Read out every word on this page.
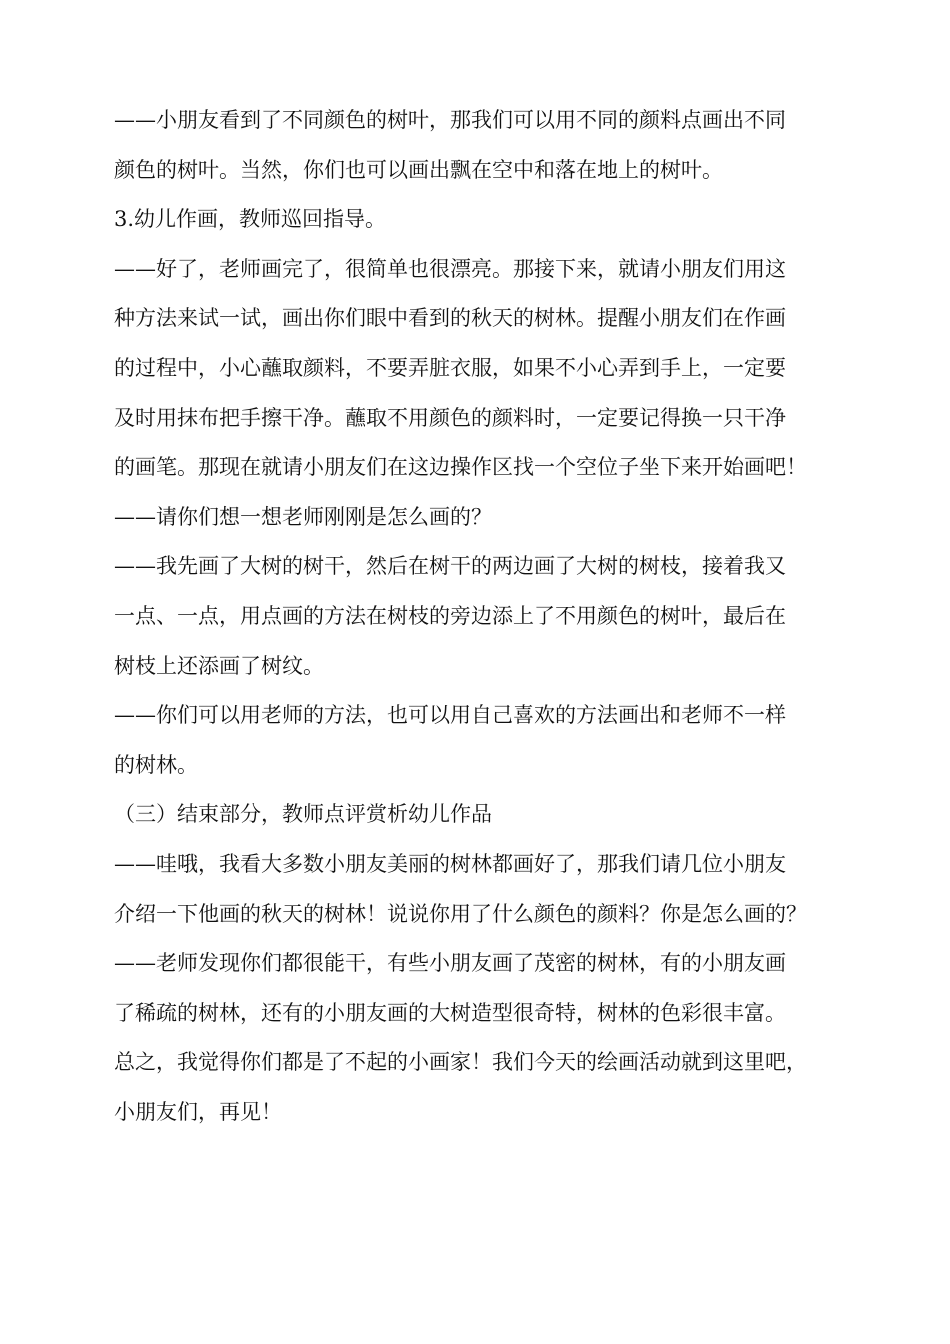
——小朋友看到了不同颜色的树叶，那我们可以用不同的颜料点画出不同
颜色的树叶。当然，你们也可以画出飘在空中和落在地上的树叶。
3.幼儿作画，教师巡回指导。
——好了，老师画完了，很简单也很漂亮。那接下来，就请小朋友们用这
种方法来试一试，画出你们眼中看到的秋天的树林。提醒小朋友们在作画
的过程中，小心蘸取颜料，不要弄脏衣服，如果不小心弄到手上，一定要
及时用抹布把手擦干净。蘸取不用颜色的颜料时，一定要记得换一只干净
的画笔。那现在就请小朋友们在这边操作区找一个空位子坐下来开始画吧！
——请你们想一想老师刚刚是怎么画的？
——我先画了大树的树干，然后在树干的两边画了大树的树枝，接着我又
一点、一点，用点画的方法在树枝的旁边添上了不用颜色的树叶，最后在
树枝上还添画了树纹。
——你们可以用老师的方法，也可以用自己喜欢的方法画出和老师不一样
的树林。
（三）结束部分，教师点评赏析幼儿作品
——哇哦，我看大多数小朋友美丽的树林都画好了，那我们请几位小朋友
介绍一下他画的秋天的树林！说说你用了什么颜色的颜料？你是怎么画的？
——老师发现你们都很能干，有些小朋友画了茂密的树林，有的小朋友画
了稀疏的树林，还有的小朋友画的大树造型很奇特，树林的色彩很丰富。
总之，我觉得你们都是了不起的小画家！我们今天的绘画活动就到这里吧，
小朋友们，再见！
